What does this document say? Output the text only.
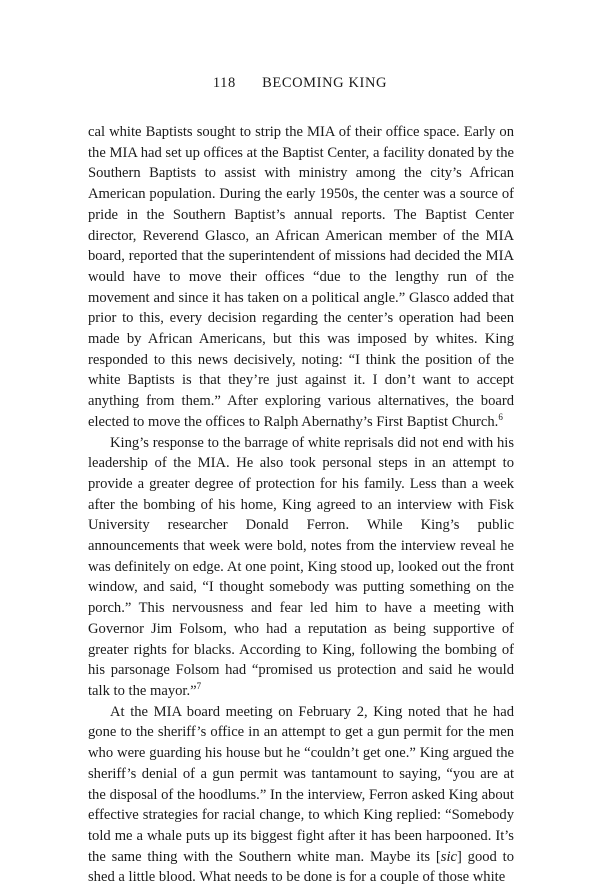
118 BECOMING KING

cal white Baptists sought to strip the MIA of their office space. Early on the MIA had set up offices at the Baptist Center, a facility donated by the Southern Baptists to assist with ministry among the city’s African American population. During the early 1950s, the center was a source of pride in the Southern Baptist’s annual reports. The Baptist Center director, Reverend Glasco, an African American member of the MIA board, reported that the superintendent of missions had decided the MIA would have to move their offices “due to the lengthy run of the movement and since it has taken on a political angle.” Glasco added that prior to this, every decision regarding the center’s operation had been made by African Americans, but this was imposed by whites. King responded to this news decisively, noting: “I think the position of the white Baptists is that they’re just against it. I don’t want to accept anything from them.” After exploring various alternatives, the board elected to move the offices to Ralph Abernathy’s First Baptist Church.$^6$

King’s response to the barrage of white reprisals did not end with his leadership of the MIA. He also took personal steps in an attempt to provide a greater degree of protection for his family. Less than a week after the bombing of his home, King agreed to an interview with Fisk University researcher Donald Ferron. While King’s public announcements that week were bold, notes from the interview reveal he was definitely on edge. At one point, King stood up, looked out the front window, and said, “I thought somebody was putting something on the porch.” This nervousness and fear led him to have a meeting with Governor Jim Folsom, who had a reputation as being supportive of greater rights for blacks. According to King, following the bombing of his parsonage Folsom had “promised us protection and said he would talk to the mayor.”$^7$

At the MIA board meeting on February 2, King noted that he had gone to the sheriff’s office in an attempt to get a gun permit for the men who were guarding his house but he “couldn’t get one.” King argued the sheriff’s denial of a gun permit was tantamount to saying, “you are at the disposal of the hoodlums.” In the interview, Ferron asked King about effective strategies for racial change, to which King replied: “Somebody told me a whale puts up its biggest fight after it has been harpooned. It’s the same thing with the Southern white man. Maybe its [sic] good to shed a little blood. What needs to be done is for a couple of those white
